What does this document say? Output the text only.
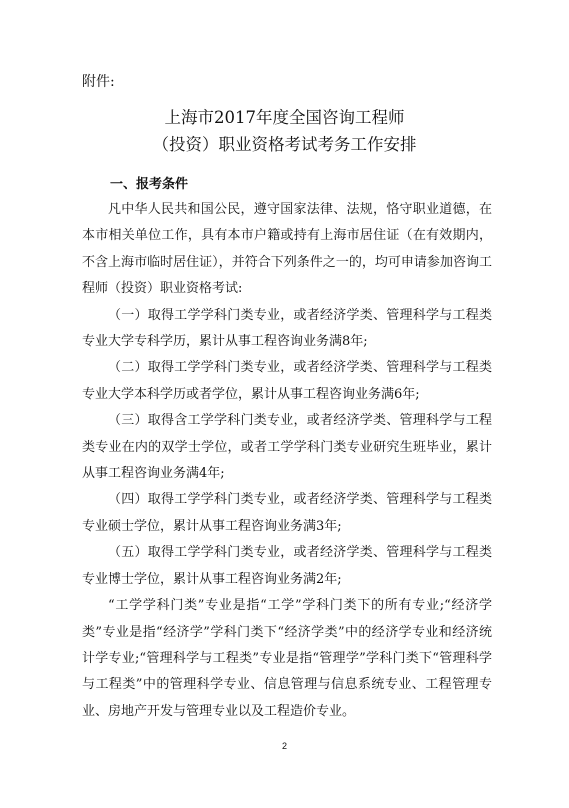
附件:
上海市2017年度全国咨询工程师
（投资）职业资格考试考务工作安排
一、报考条件

凡中华人民共和国公民，遵守国家法律、法规，恪守职业道德，在本市相关单位工作，具有本市户籍或持有上海市居住证（在有效期内，不含上海市临时居住证），并符合下列条件之一的，均可申请参加咨询工程师（投资）职业资格考试:

（一）取得工学学科门类专业，或者经济学类、管理科学与工程类专业大学专科学历，累计从事工程咨询业务满8年;

（二）取得工学学科门类专业，或者经济学类、管理科学与工程类专业大学本科学历或者学位，累计从事工程咨询业务满6年;

（三）取得含工学学科门类专业，或者经济学类、管理科学与工程类专业在内的双学士学位，或者工学学科门类专业研究生班毕业，累计从事工程咨询业务满4年;

（四）取得工学学科门类专业，或者经济学类、管理科学与工程类专业硕士学位，累计从事工程咨询业务满3年;

（五）取得工学学科门类专业，或者经济学类、管理科学与工程类专业博士学位，累计从事工程咨询业务满2年;

“工学学科门类”专业是指“工学”学科门类下的所有专业;“经济学类”专业是指“经济学”学科门类下“经济学类”中的经济学专业和经济统计学专业;“管理科学与工程类”专业是指“管理学”学科门类下“管理科学与工程类”中的管理科学专业、信息管理与信息系统专业、工程管理专业、房地产开发与管理专业以及工程造价专业。

2
